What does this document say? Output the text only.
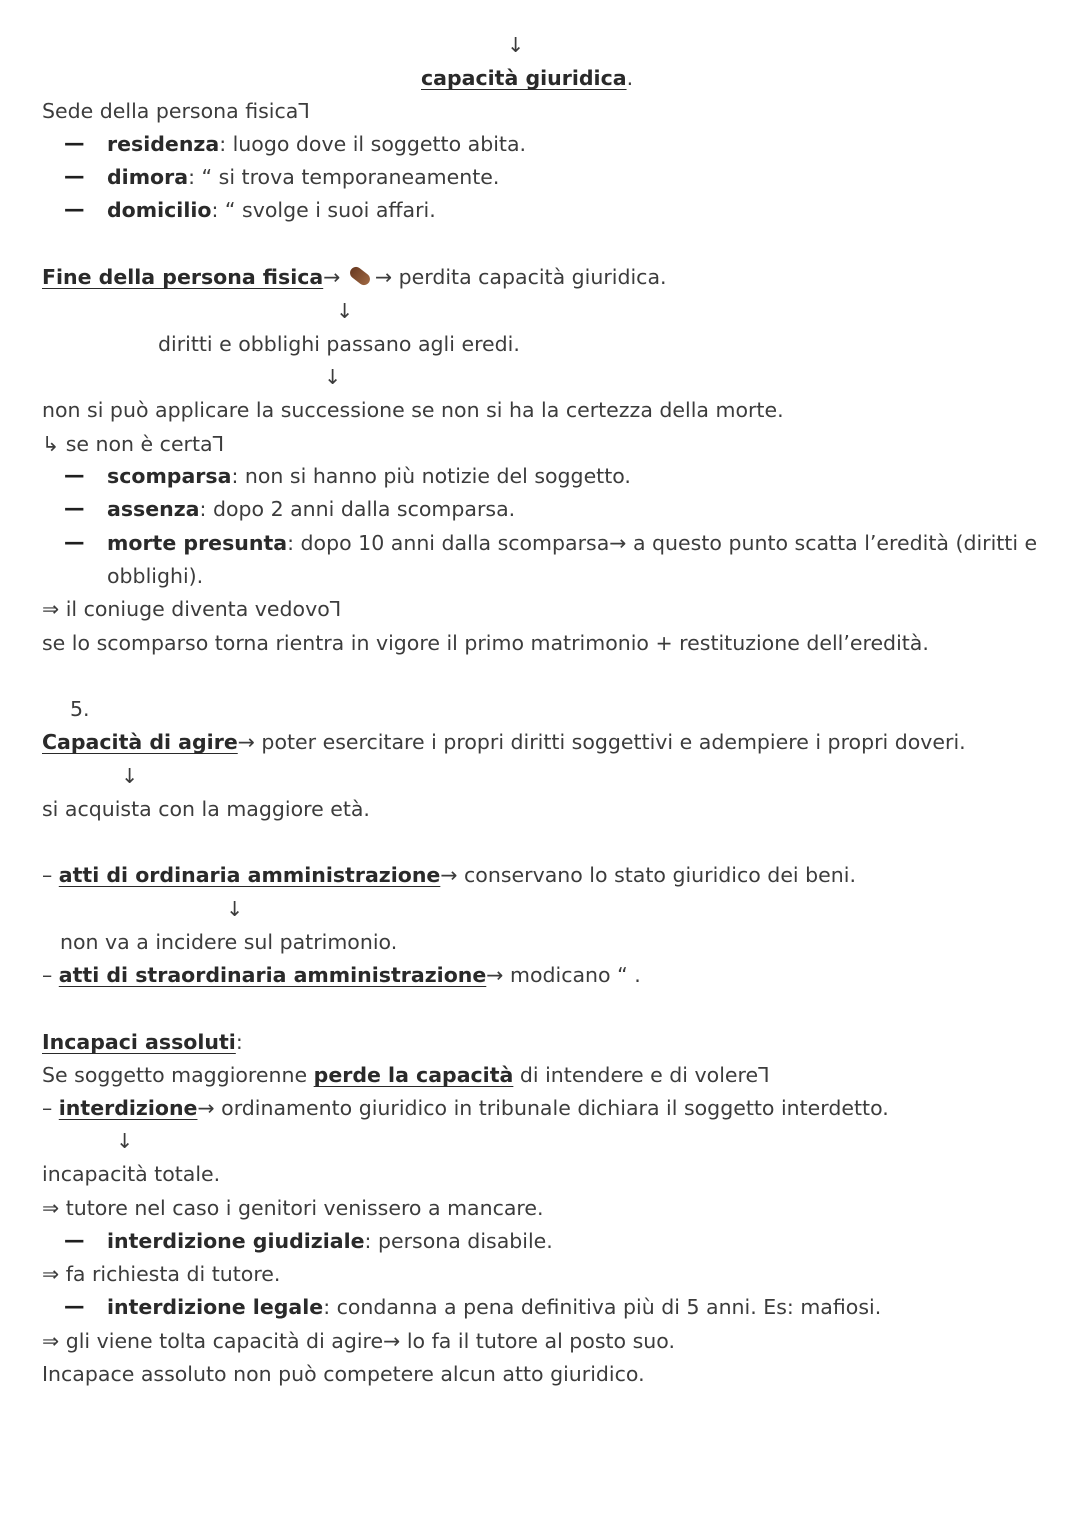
↓
capacità giuridica.
Sede della persona fisica⅂
— residenza: luogo dove il soggetto abita.
— dimora: “ si trova temporaneamente.
— domicilio: “ svolge i suoi affari.
Fine della persona fisica→ → perdita capacità giuridica.
↓
diritti e obblighi passano agli eredi.
↓
non si può applicare la successione se non si ha la certezza della morte.
↳ se non è certa⅂
— scomparsa: non si hanno più notizie del soggetto.
— assenza: dopo 2 anni dalla scomparsa.
— morte presunta: dopo 10 anni dalla scomparsa→ a questo punto scatta l’eredità (diritti e
obblighi).
⇒ il coniuge diventa vedovo⅂
se lo scomparso torna rientra in vigore il primo matrimonio + restituzione dell’eredità.
5.
Capacità di agire→ poter esercitare i propri diritti soggettivi e adempiere i propri doveri.
↓
si acquista con la maggiore età.
– atti di ordinaria amministrazione→ conservano lo stato giuridico dei beni.
↓
non va a incidere sul patrimonio.
– atti di straordinaria amministrazione→ modicano “ .
Incapaci assoluti:
Se soggetto maggiorenne perde la capacità di intendere e di volere⅂
– interdizione→ ordinamento giuridico in tribunale dichiara il soggetto interdetto.
↓
incapacità totale.
⇒ tutore nel caso i genitori venissero a mancare.
— interdizione giudiziale: persona disabile.
⇒ fa richiesta di tutore.
— interdizione legale: condanna a pena definitiva più di 5 anni. Es: mafiosi.
⇒ gli viene tolta capacità di agire→ lo fa il tutore al posto suo.
Incapace assoluto non può competere alcun atto giuridico.
